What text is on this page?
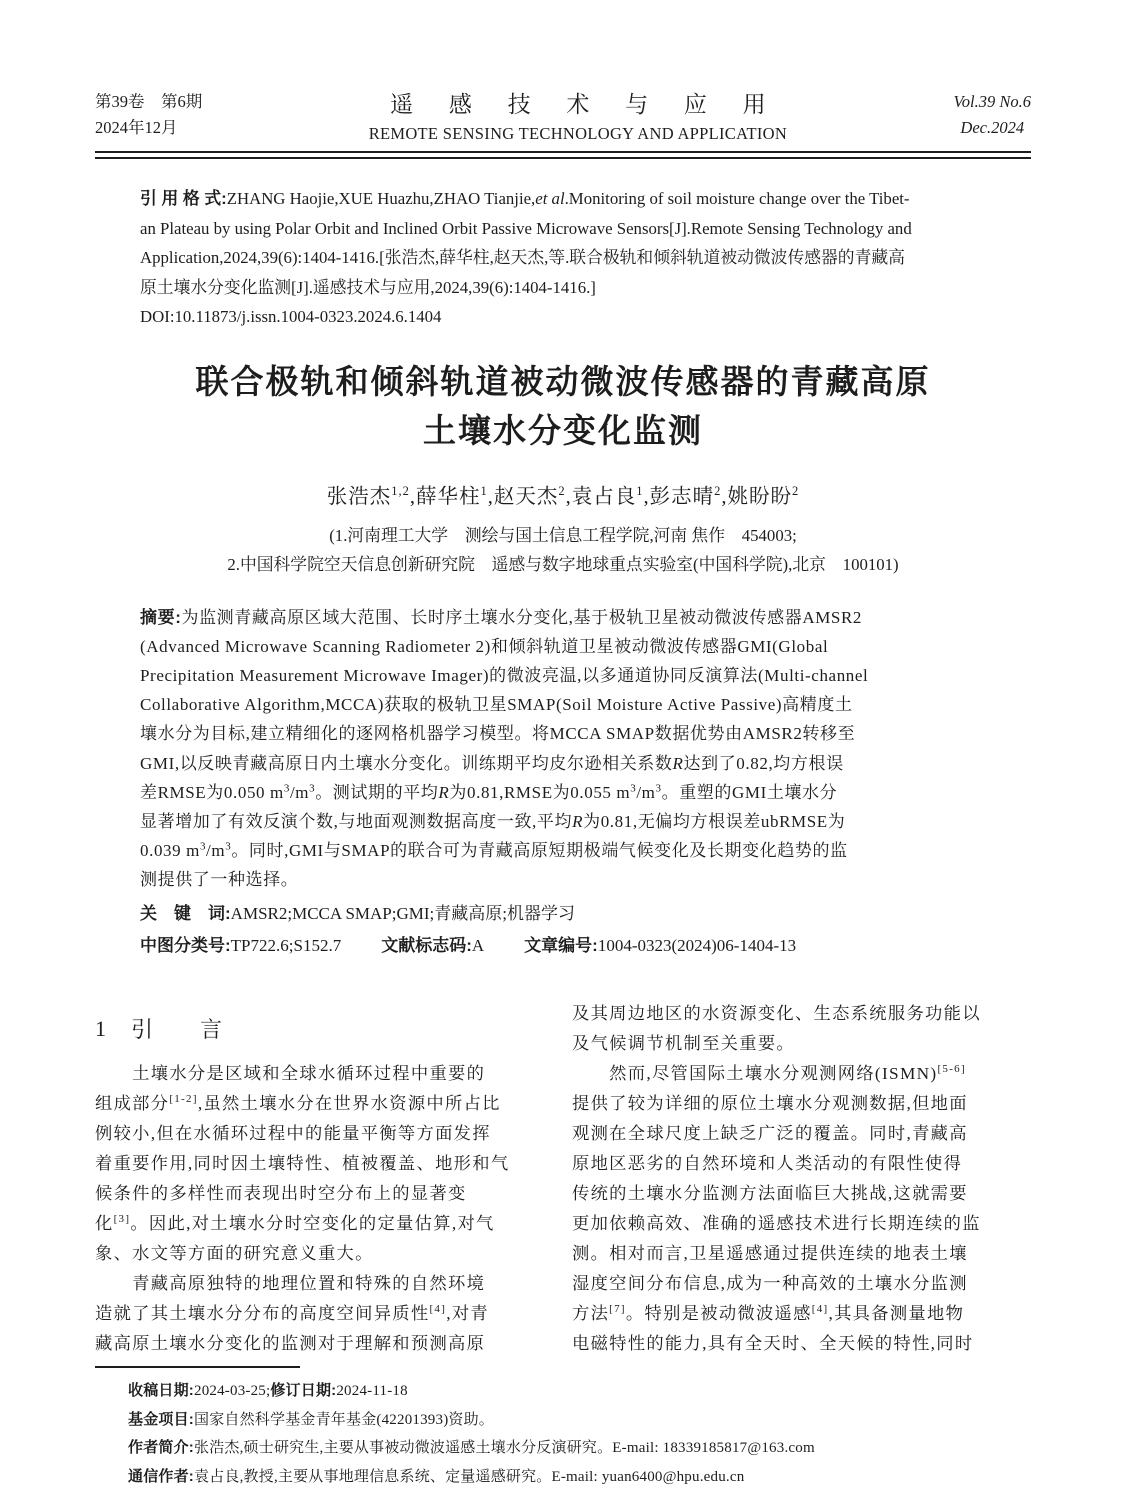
第39卷　第6期
2024年12月
遥 感 技 术 与 应 用
REMOTE SENSING TECHNOLOGY AND APPLICATION
Vol.39 No.6
Dec.2024
引 用 格 式:ZHANG Haojie,XUE Huazhu,ZHAO Tianjie,et al.Monitoring of soil moisture change over the Tibet-
an Plateau by using Polar Orbit and Inclined Orbit Passive Microwave Sensors[J].Remote Sensing Technology and
Application,2024,39(6):1404-1416.[张浩杰,薛华柱,赵天杰,等.联合极轨和倾斜轨道被动微波传感器的青藏高
原土壤水分变化监测[J].遥感技术与应用,2024,39(6):1404-1416.]
DOI:10.11873/j.issn.1004-0323.2024.6.1404
联合极轨和倾斜轨道被动微波传感器的青藏高原
土壤水分变化监测
张浩杰$^{1,2}$,薛华柱$^1$,赵天杰$^2$,袁占良$^1$,彭志晴$^2$,姚盼盼$^2$
(1.河南理工大学　测绘与国土信息工程学院,河南 焦作　454003;
2.中国科学院空天信息创新研究院　遥感与数字地球重点实验室(中国科学院),北京　100101)
摘要:为监测青藏高原区域大范围、长时序土壤水分变化,基于极轨卫星被动微波传感器AMSR2
(Advanced Microwave Scanning Radiometer 2)和倾斜轨道卫星被动微波传感器GMI(Global
Precipitation Measurement Microwave Imager)的微波亮温,以多通道协同反演算法(Multi-channel
Collaborative Algorithm,MCCA)获取的极轨卫星SMAP(Soil Moisture Active Passive)高精度土
壤水分为目标,建立精细化的逐网格机器学习模型。将MCCA SMAP数据优势由AMSR2转移至
GMI,以反映青藏高原日内土壤水分变化。训练期平均皮尔逊相关系数R达到了0.82,均方根误
差RMSE为0.050 $m^3/m^3$。测试期的平均R为0.81,RMSE为0.055 $m^3/m^3$。重塑的GMI土壤水分
显著增加了有效反演个数,与地面观测数据高度一致,平均R为0.81,无偏均方根误差ubRMSE为
0.039 $m^3/m^3$。同时,GMI与SMAP的联合可为青藏高原短期极端气候变化及长期变化趋势的监
测提供了一种选择。
关　键　词:AMSR2;MCCA SMAP;GMI;青藏高原;机器学习
中图分类号:TP722.6;S152.7 文献标志码:A 文章编号:1004-0323(2024)06-1404-13
1 引　　言
　　土壤水分是区域和全球水循环过程中重要的
组成部分[1-2],虽然土壤水分在世界水资源中所占比
例较小,但在水循环过程中的能量平衡等方面发挥
着重要作用,同时因土壤特性、植被覆盖、地形和气
候条件的多样性而表现出时空分布上的显著变
化[3]。因此,对土壤水分时空变化的定量估算,对气
象、水文等方面的研究意义重大。
　　青藏高原独特的地理位置和特殊的自然环境
造就了其土壤水分分布的高度空间异质性[4],对青
藏高原土壤水分变化的监测对于理解和预测高原
及其周边地区的水资源变化、生态系统服务功能以
及气候调节机制至关重要。
　　然而,尽管国际土壤水分观测网络(ISMN)[5-6]
提供了较为详细的原位土壤水分观测数据,但地面
观测在全球尺度上缺乏广泛的覆盖。同时,青藏高
原地区恶劣的自然环境和人类活动的有限性使得
传统的土壤水分监测方法面临巨大挑战,这就需要
更加依赖高效、准确的遥感技术进行长期连续的监
测。相对而言,卫星遥感通过提供连续的地表土壤
湿度空间分布信息,成为一种高效的土壤水分监测
方法[7]。特别是被动微波遥感[4],其具备测量地物
电磁特性的能力,具有全天时、全天候的特性,同时
收稿日期:2024-03-25;修订日期:2024-11-18
基金项目:国家自然科学基金青年基金(42201393)资助。
作者简介:张浩杰,硕士研究生,主要从事被动微波遥感土壤水分反演研究。E-mail: 18339185817@163.com
通信作者:袁占良,教授,主要从事地理信息系统、定量遥感研究。E-mail: yuan6400@hpu.edu.cn
